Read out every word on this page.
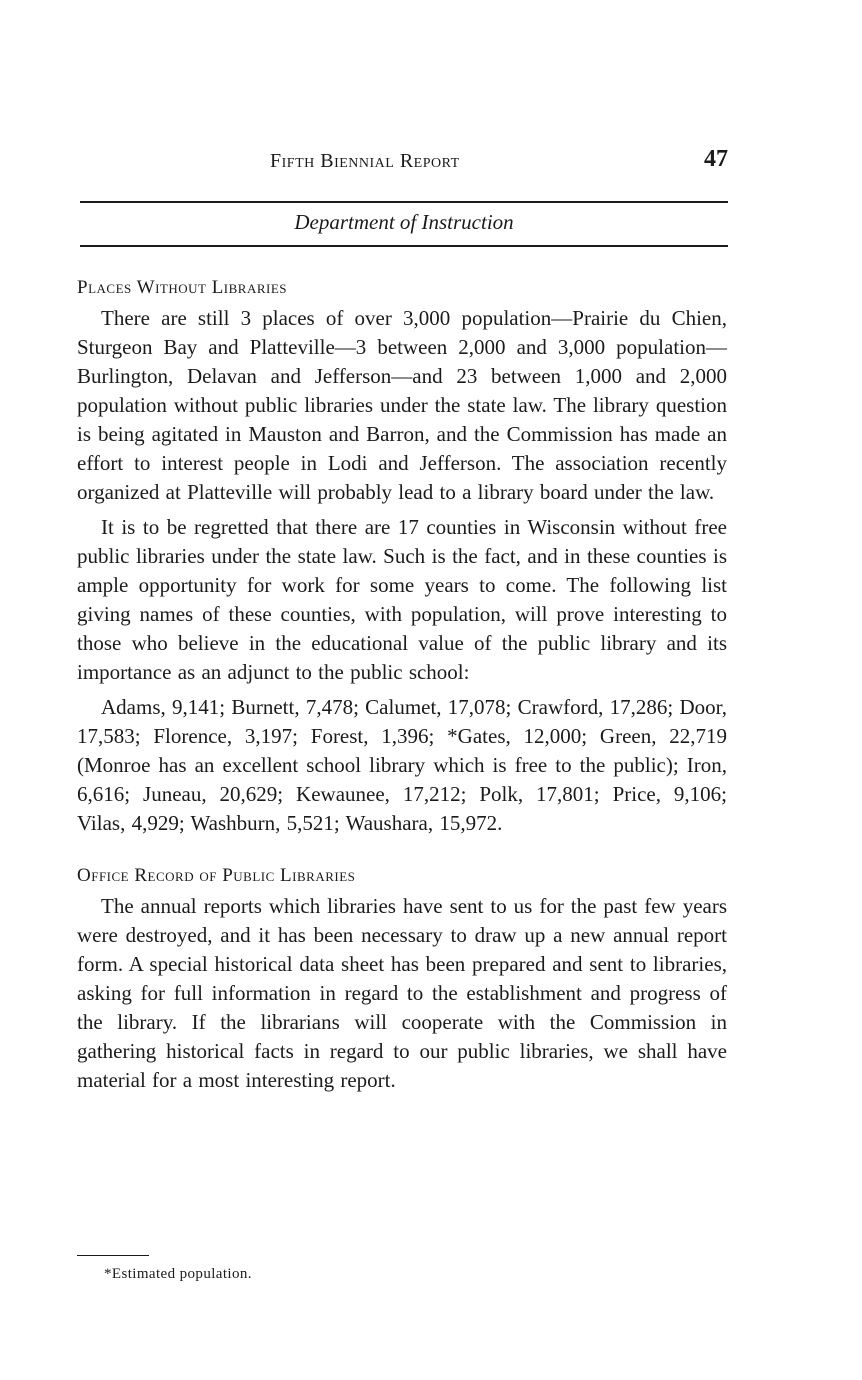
Fifth Biennial Report	47
Department of Instruction
Places Without Libraries

There are still 3 places of over 3,000 population—Prairie du Chien, Sturgeon Bay and Platteville—3 between 2,000 and 3,000 population—Burlington, Delavan and Jefferson—and 23 between 1,000 and 2,000 population without public libraries under the state law. The library question is being agitated in Mauston and Barron, and the Commission has made an effort to interest people in Lodi and Jefferson. The association recently organized at Platteville will probably lead to a library board under the law.

It is to be regretted that there are 17 counties in Wisconsin without free public libraries under the state law. Such is the fact, and in these counties is ample opportunity for work for some years to come. The following list giving names of these counties, with population, will prove interesting to those who believe in the educational value of the public library and its importance as an adjunct to the public school:

Adams, 9,141; Burnett, 7,478; Calumet, 17,078; Crawford, 17,286; Door, 17,583; Florence, 3,197; Forest, 1,396; *Gates, 12,000; Green, 22,719 (Monroe has an excellent school library which is free to the public); Iron, 6,616; Juneau, 20,629; Kewaunee, 17,212; Polk, 17,801; Price, 9,106; Vilas, 4,929; Washburn, 5,521; Waushara, 15,972.

Office Record of Public Libraries

The annual reports which libraries have sent to us for the past few years were destroyed, and it has been necessary to draw up a new annual report form. A special historical data sheet has been prepared and sent to libraries, asking for full information in regard to the establishment and progress of the library. If the librarians will cooperate with the Commission in gathering historical facts in regard to our public libraries, we shall have material for a most interesting report.

*Estimated population.
